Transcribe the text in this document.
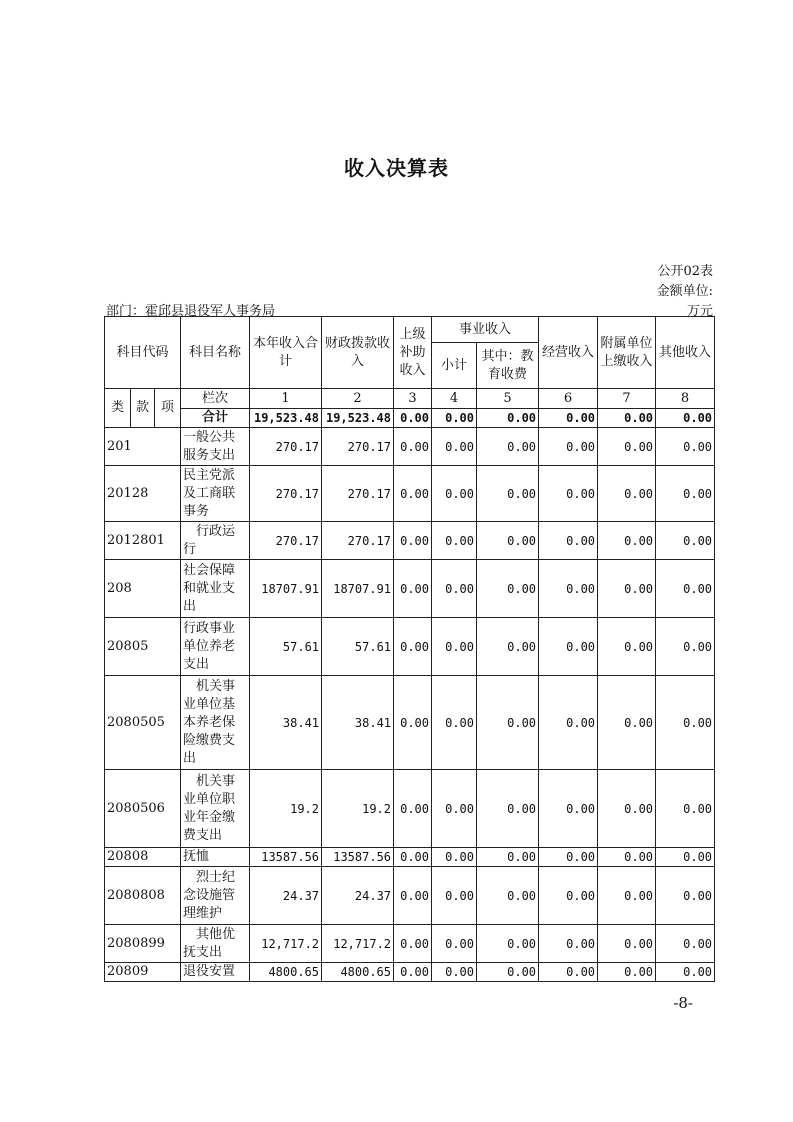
收入决算表
公开02表
金额单位:
万元
部门：霍邱县退役军人事务局
科目代码			科目名称	本年收入合计	财政拨款收入	上级补助收入	事业收入		经营收入	附属单位上缴收入	其他收入
							小计	其中：教育收费			
类	款	项	栏次	1	2	3	4	5	6	7	8
			合计	19,523.48	19,523.48	0.00	0.00	0.00	0.00	0.00	0.00
201			一般公共服务支出	270.17	270.17	0.00	0.00	0.00	0.00	0.00	0.00
20128			民主党派及工商联事务	270.17	270.17	0.00	0.00	0.00	0.00	0.00	0.00
2012801			行政运行	270.17	270.17	0.00	0.00	0.00	0.00	0.00	0.00
208			社会保障和就业支出	18707.91	18707.91	0.00	0.00	0.00	0.00	0.00	0.00
20805			行政事业单位养老支出	57.61	57.61	0.00	0.00	0.00	0.00	0.00	0.00
2080505			机关事业单位基本养老保险缴费支出	38.41	38.41	0.00	0.00	0.00	0.00	0.00	0.00
2080506			机关事业单位职业年金缴费支出	19.2	19.2	0.00	0.00	0.00	0.00	0.00	0.00
20808			抚恤	13587.56	13587.56	0.00	0.00	0.00	0.00	0.00	0.00
2080808			烈士纪念设施管理维护	24.37	24.37	0.00	0.00	0.00	0.00	0.00	0.00
2080899			其他优抚支出	12,717.2	12,717.2	0.00	0.00	0.00	0.00	0.00	0.00
20809			退役安置	4800.65	4800.65	0.00	0.00	0.00	0.00	0.00	0.00
-8-
